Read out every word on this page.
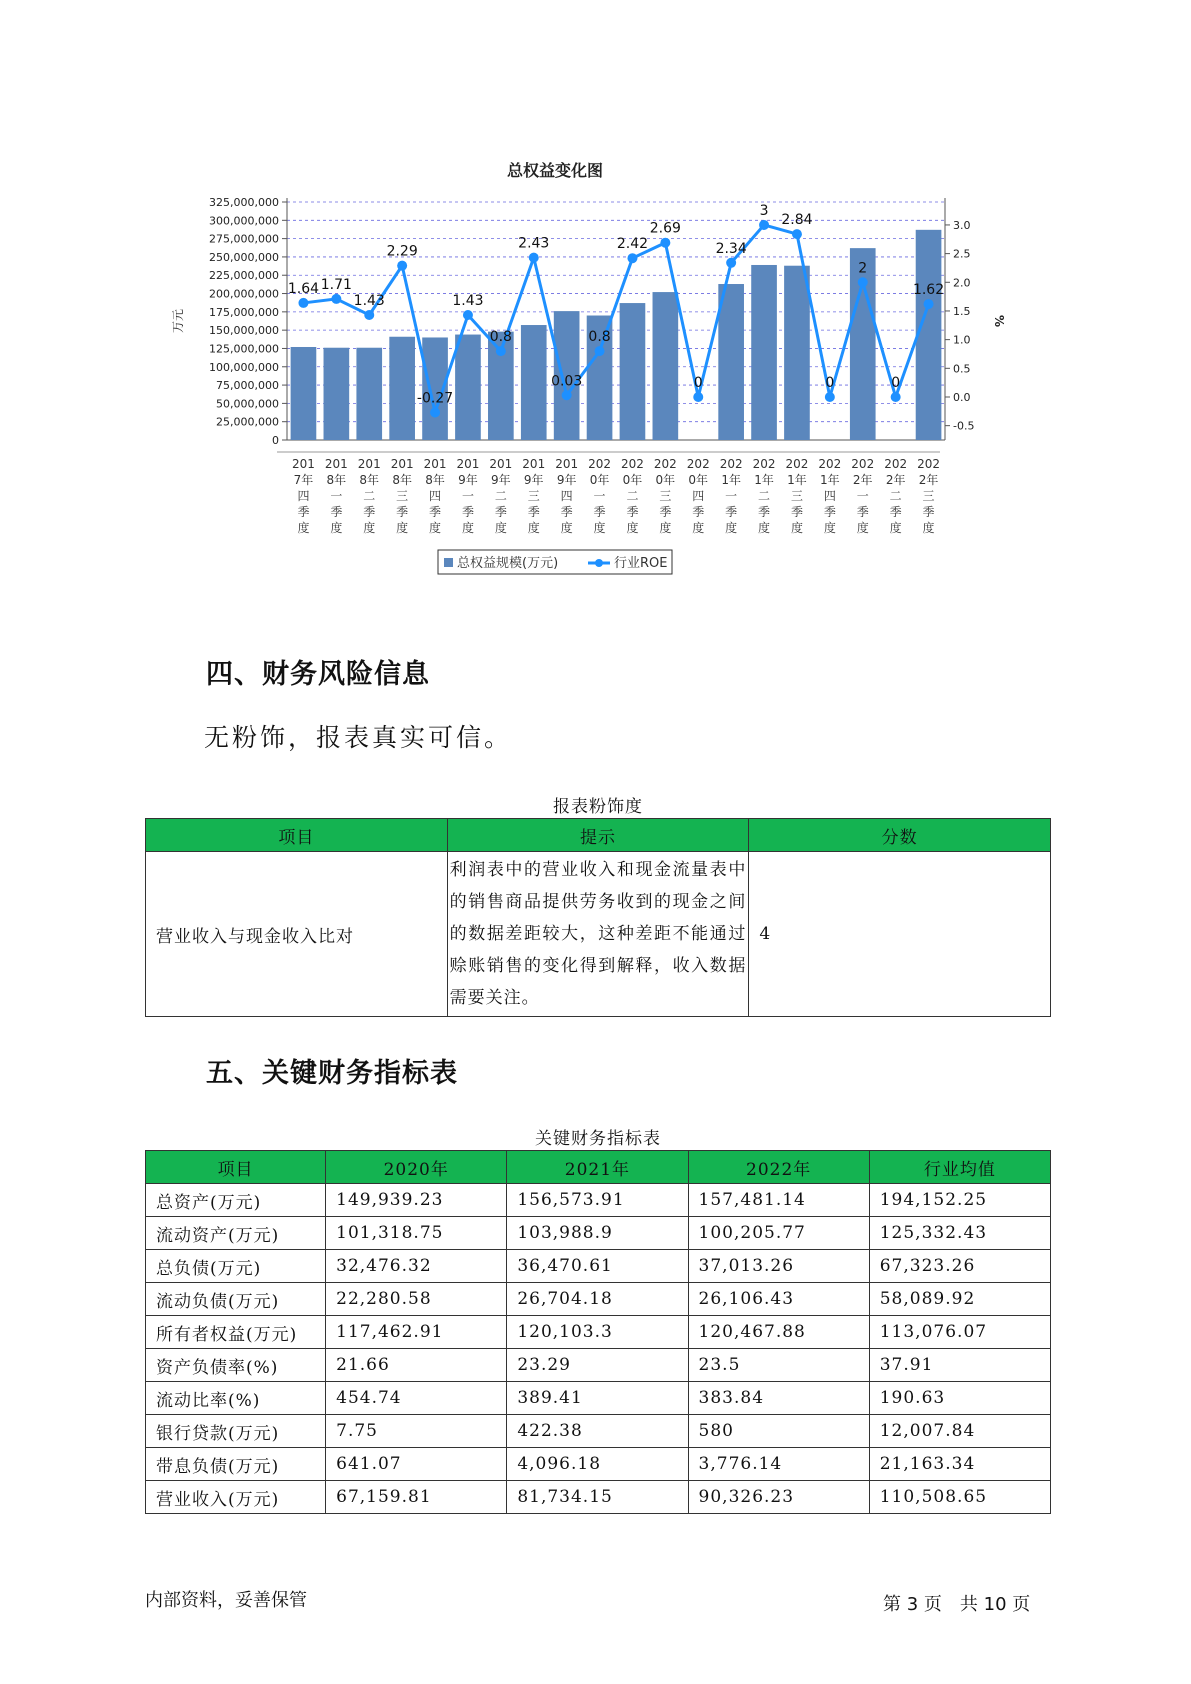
总权益变化图
325,000,000
300,000,000
275,000,000
250,000,000
225,000,000
200,000,000
175,000,000
150,000,000
125,000,000
100,000,000
75,000,000
50,000,000
25,000,000
0
3.0
2.5
2.0
1.5
1.0
0.5
0.0
-0.5
万元	%
1.64 1.71
1.43
2.29
-0.27
1.43
0.8
2.43
0.03
0.8
2.42
2.69
0
2.34
3
2.84
0
2
0
1.62
201
7年
四
季
度
201
8年
一
季
度
201
8年
二
季
度
201
8年
三
季
度
201
8年
四
季
度
201
9年
一
季
度
201
9年
二
季
度
201
9年
三
季
度
201
9年
四
季
度
202
0年
一
季
度
202
0年
二
季
度
202
0年
三
季
度
202
0年
四
季
度
202
1年
一
季
度
202
1年
二
季
度
202
1年
三
季
度
202
1年
四
季
度
202
2年
一
季
度
202
2年
二
季
度
202
2年
三
季
度
总权益规模(万元)	行业ROE
四、财务风险信息
无粉饰，报表真实可信。
报表粉饰度
项目	提示	分数
营业收入与现金收入比对	利润表中的营业收入和现金流量表中的销售商品提供劳务收到的现金之间的数据差距较大，这种差距不能通过赊账销售的变化得到解释，收入数据需要关注。	4
五、关键财务指标表
关键财务指标表
项目	2020年	2021年	2022年	行业均值
总资产(万元)	149,939.23	156,573.91	157,481.14	194,152.25
流动资产(万元)	101,318.75	103,988.9	100,205.77	125,332.43
总负债(万元)	32,476.32	36,470.61	37,013.26	67,323.26
流动负债(万元)	22,280.58	26,704.18	26,106.43	58,089.92
所有者权益(万元)	117,462.91	120,103.3	120,467.88	113,076.07
资产负债率(%)	21.66	23.29	23.5	37.91
流动比率(%)	454.74	389.41	383.84	190.63
银行贷款(万元)	7.75	422.38	580	12,007.84
带息负债(万元)	641.07	4,096.18	3,776.14	21,163.34
营业收入(万元)	67,159.81	81,734.15	90,326.23	110,508.65
内部资料，妥善保管	第 3 页　共 10 页
